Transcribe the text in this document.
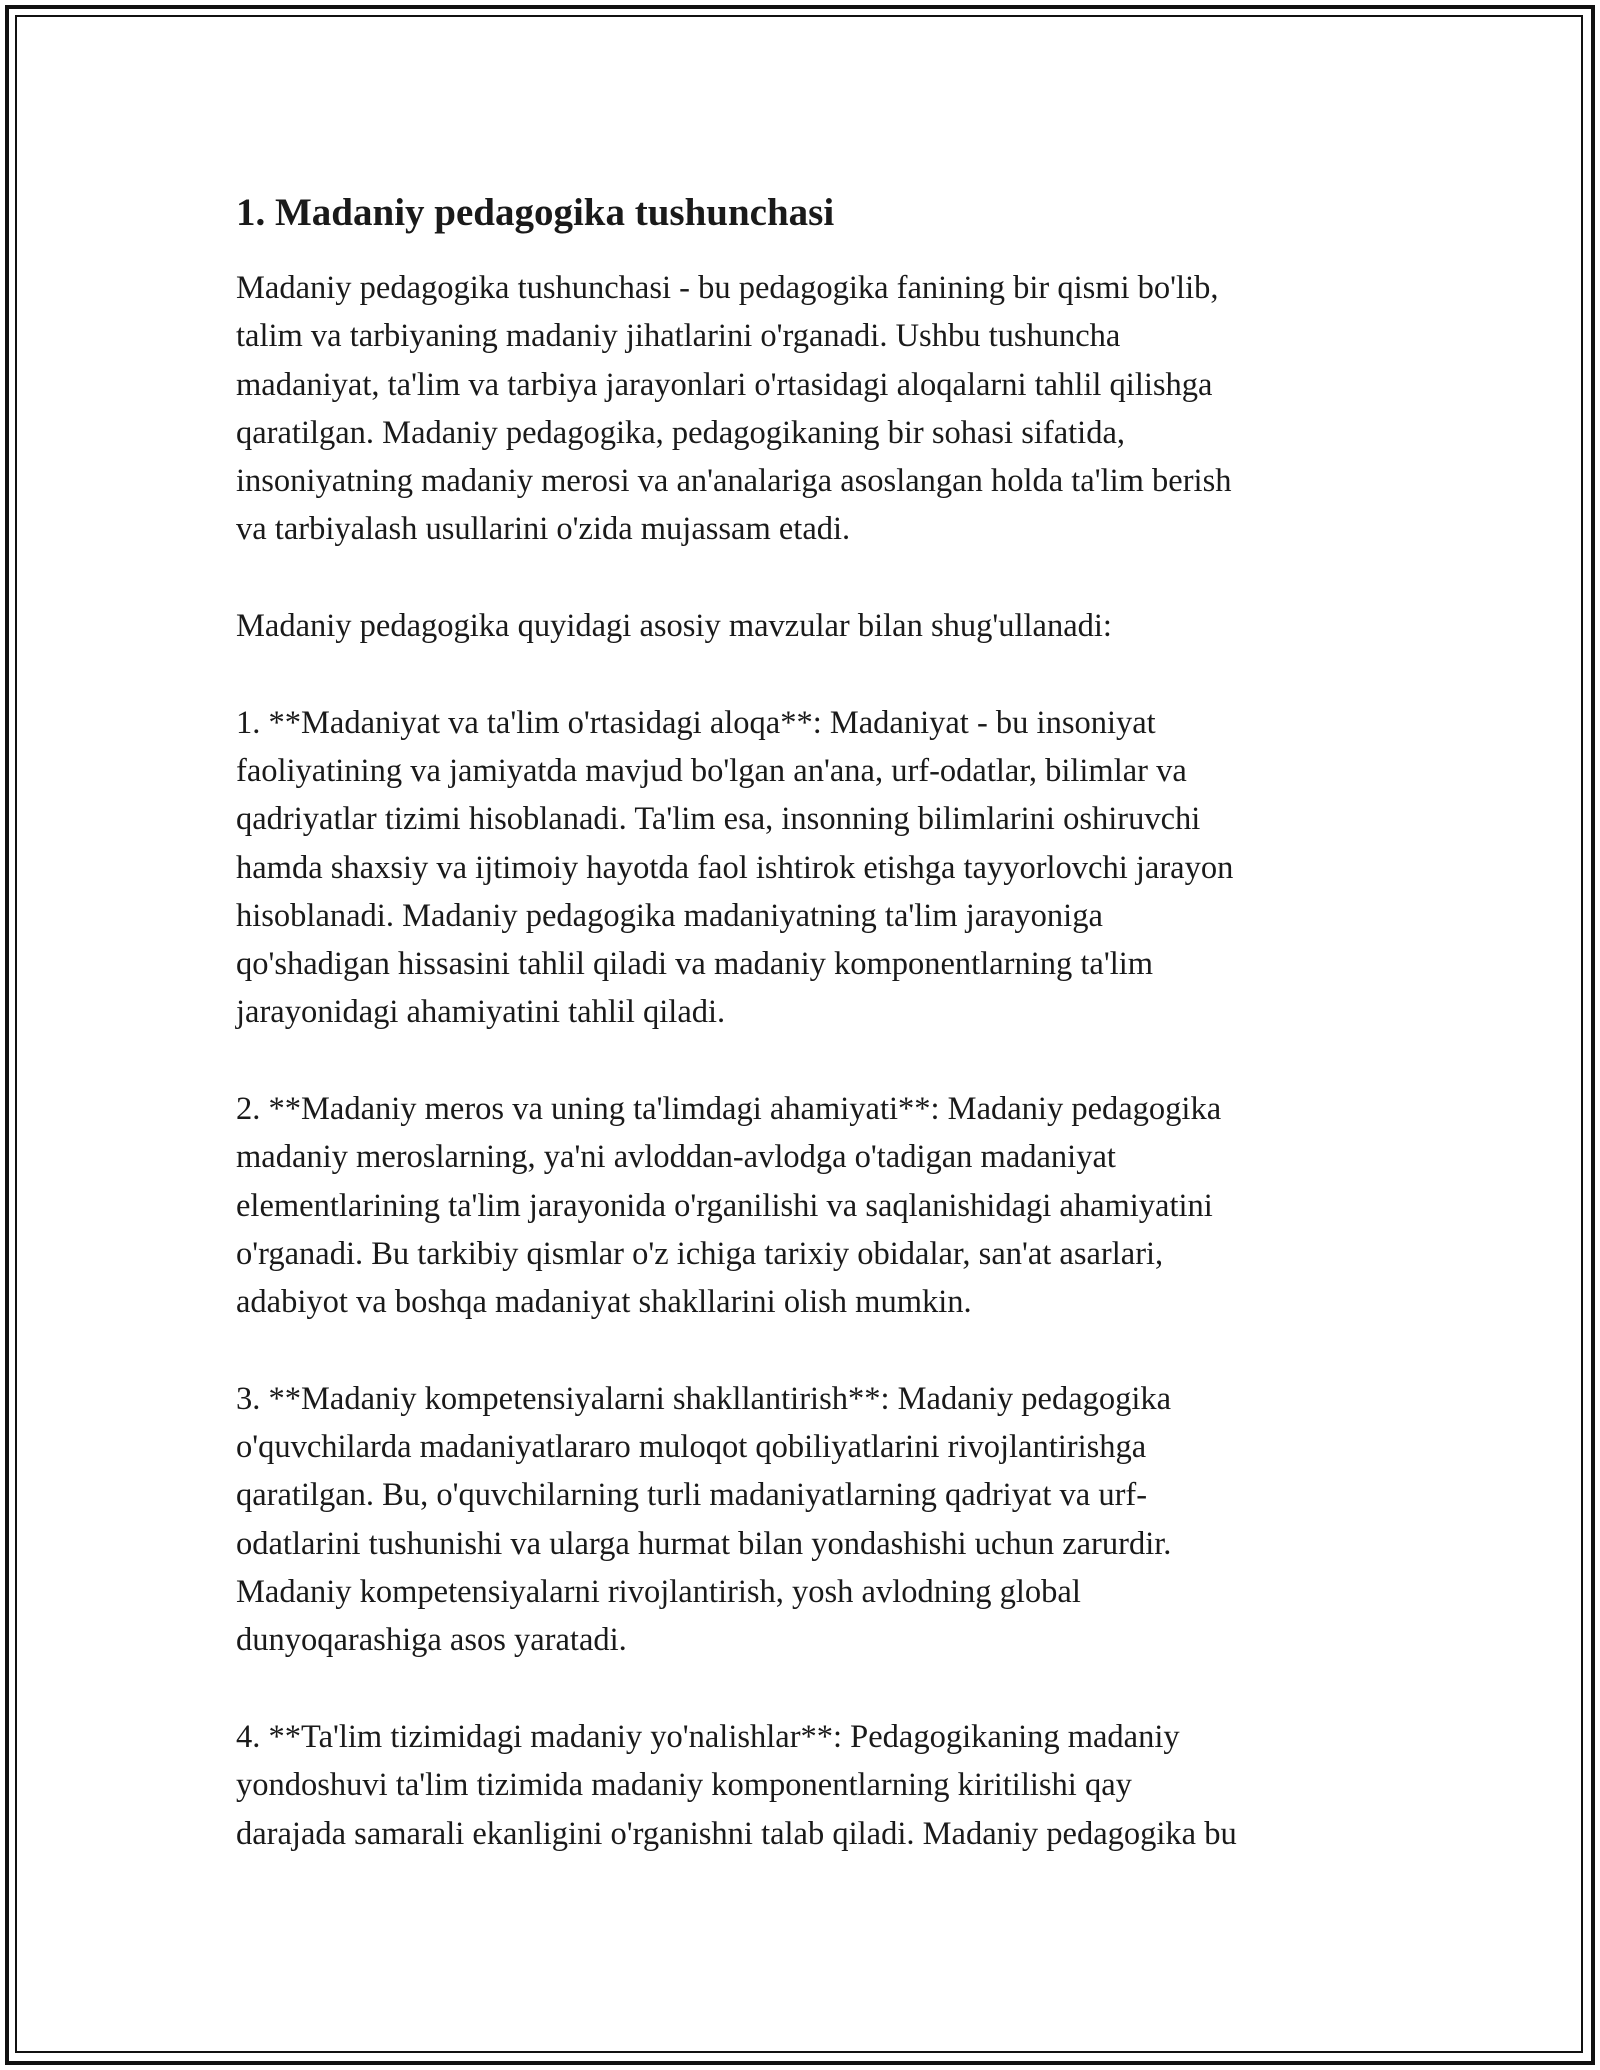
1. Madaniy pedagogika tushunchasi
Madaniy pedagogika tushunchasi - bu pedagogika fanining bir qismi bo'lib,
talim va tarbiyaning madaniy jihatlarini o'rganadi. Ushbu tushuncha
madaniyat, ta'lim va tarbiya jarayonlari o'rtasidagi aloqalarni tahlil qilishga
qaratilgan. Madaniy pedagogika, pedagogikaning bir sohasi sifatida,
insoniyatning madaniy merosi va an'analariga asoslangan holda ta'lim berish
va tarbiyalash usullarini o'zida mujassam etadi.
Madaniy pedagogika quyidagi asosiy mavzular bilan shug'ullanadi:
1. **Madaniyat va ta'lim o'rtasidagi aloqa**: Madaniyat - bu insoniyat
faoliyatining va jamiyatda mavjud bo'lgan an'ana, urf-odatlar, bilimlar va
qadriyatlar tizimi hisoblanadi. Ta'lim esa, insonning bilimlarini oshiruvchi
hamda shaxsiy va ijtimoiy hayotda faol ishtirok etishga tayyorlovchi jarayon
hisoblanadi. Madaniy pedagogika madaniyatning ta'lim jarayoniga
qo'shadigan hissasini tahlil qiladi va madaniy komponentlarning ta'lim
jarayonidagi ahamiyatini tahlil qiladi.
2. **Madaniy meros va uning ta'limdagi ahamiyati**: Madaniy pedagogika
madaniy meroslarning, ya'ni avloddan-avlodga o'tadigan madaniyat
elementlarining ta'lim jarayonida o'rganilishi va saqlanishidagi ahamiyatini
o'rganadi. Bu tarkibiy qismlar o'z ichiga tarixiy obidalar, san'at asarlari,
adabiyot va boshqa madaniyat shakllarini olish mumkin.
3. **Madaniy kompetensiyalarni shakllantirish**: Madaniy pedagogika
o'quvchilarda madaniyatlararo muloqot qobiliyatlarini rivojlantirishga
qaratilgan. Bu, o'quvchilarning turli madaniyatlarning qadriyat va urf-
odatlarini tushunishi va ularga hurmat bilan yondashishi uchun zarurdir.
Madaniy kompetensiyalarni rivojlantirish, yosh avlodning global
dunyoqarashiga asos yaratadi.
4. **Ta'lim tizimidagi madaniy yo'nalishlar**: Pedagogikaning madaniy
yondoshuvi ta'lim tizimida madaniy komponentlarning kiritilishi qay
darajada samarali ekanligini o'rganishni talab qiladi. Madaniy pedagogika bu
